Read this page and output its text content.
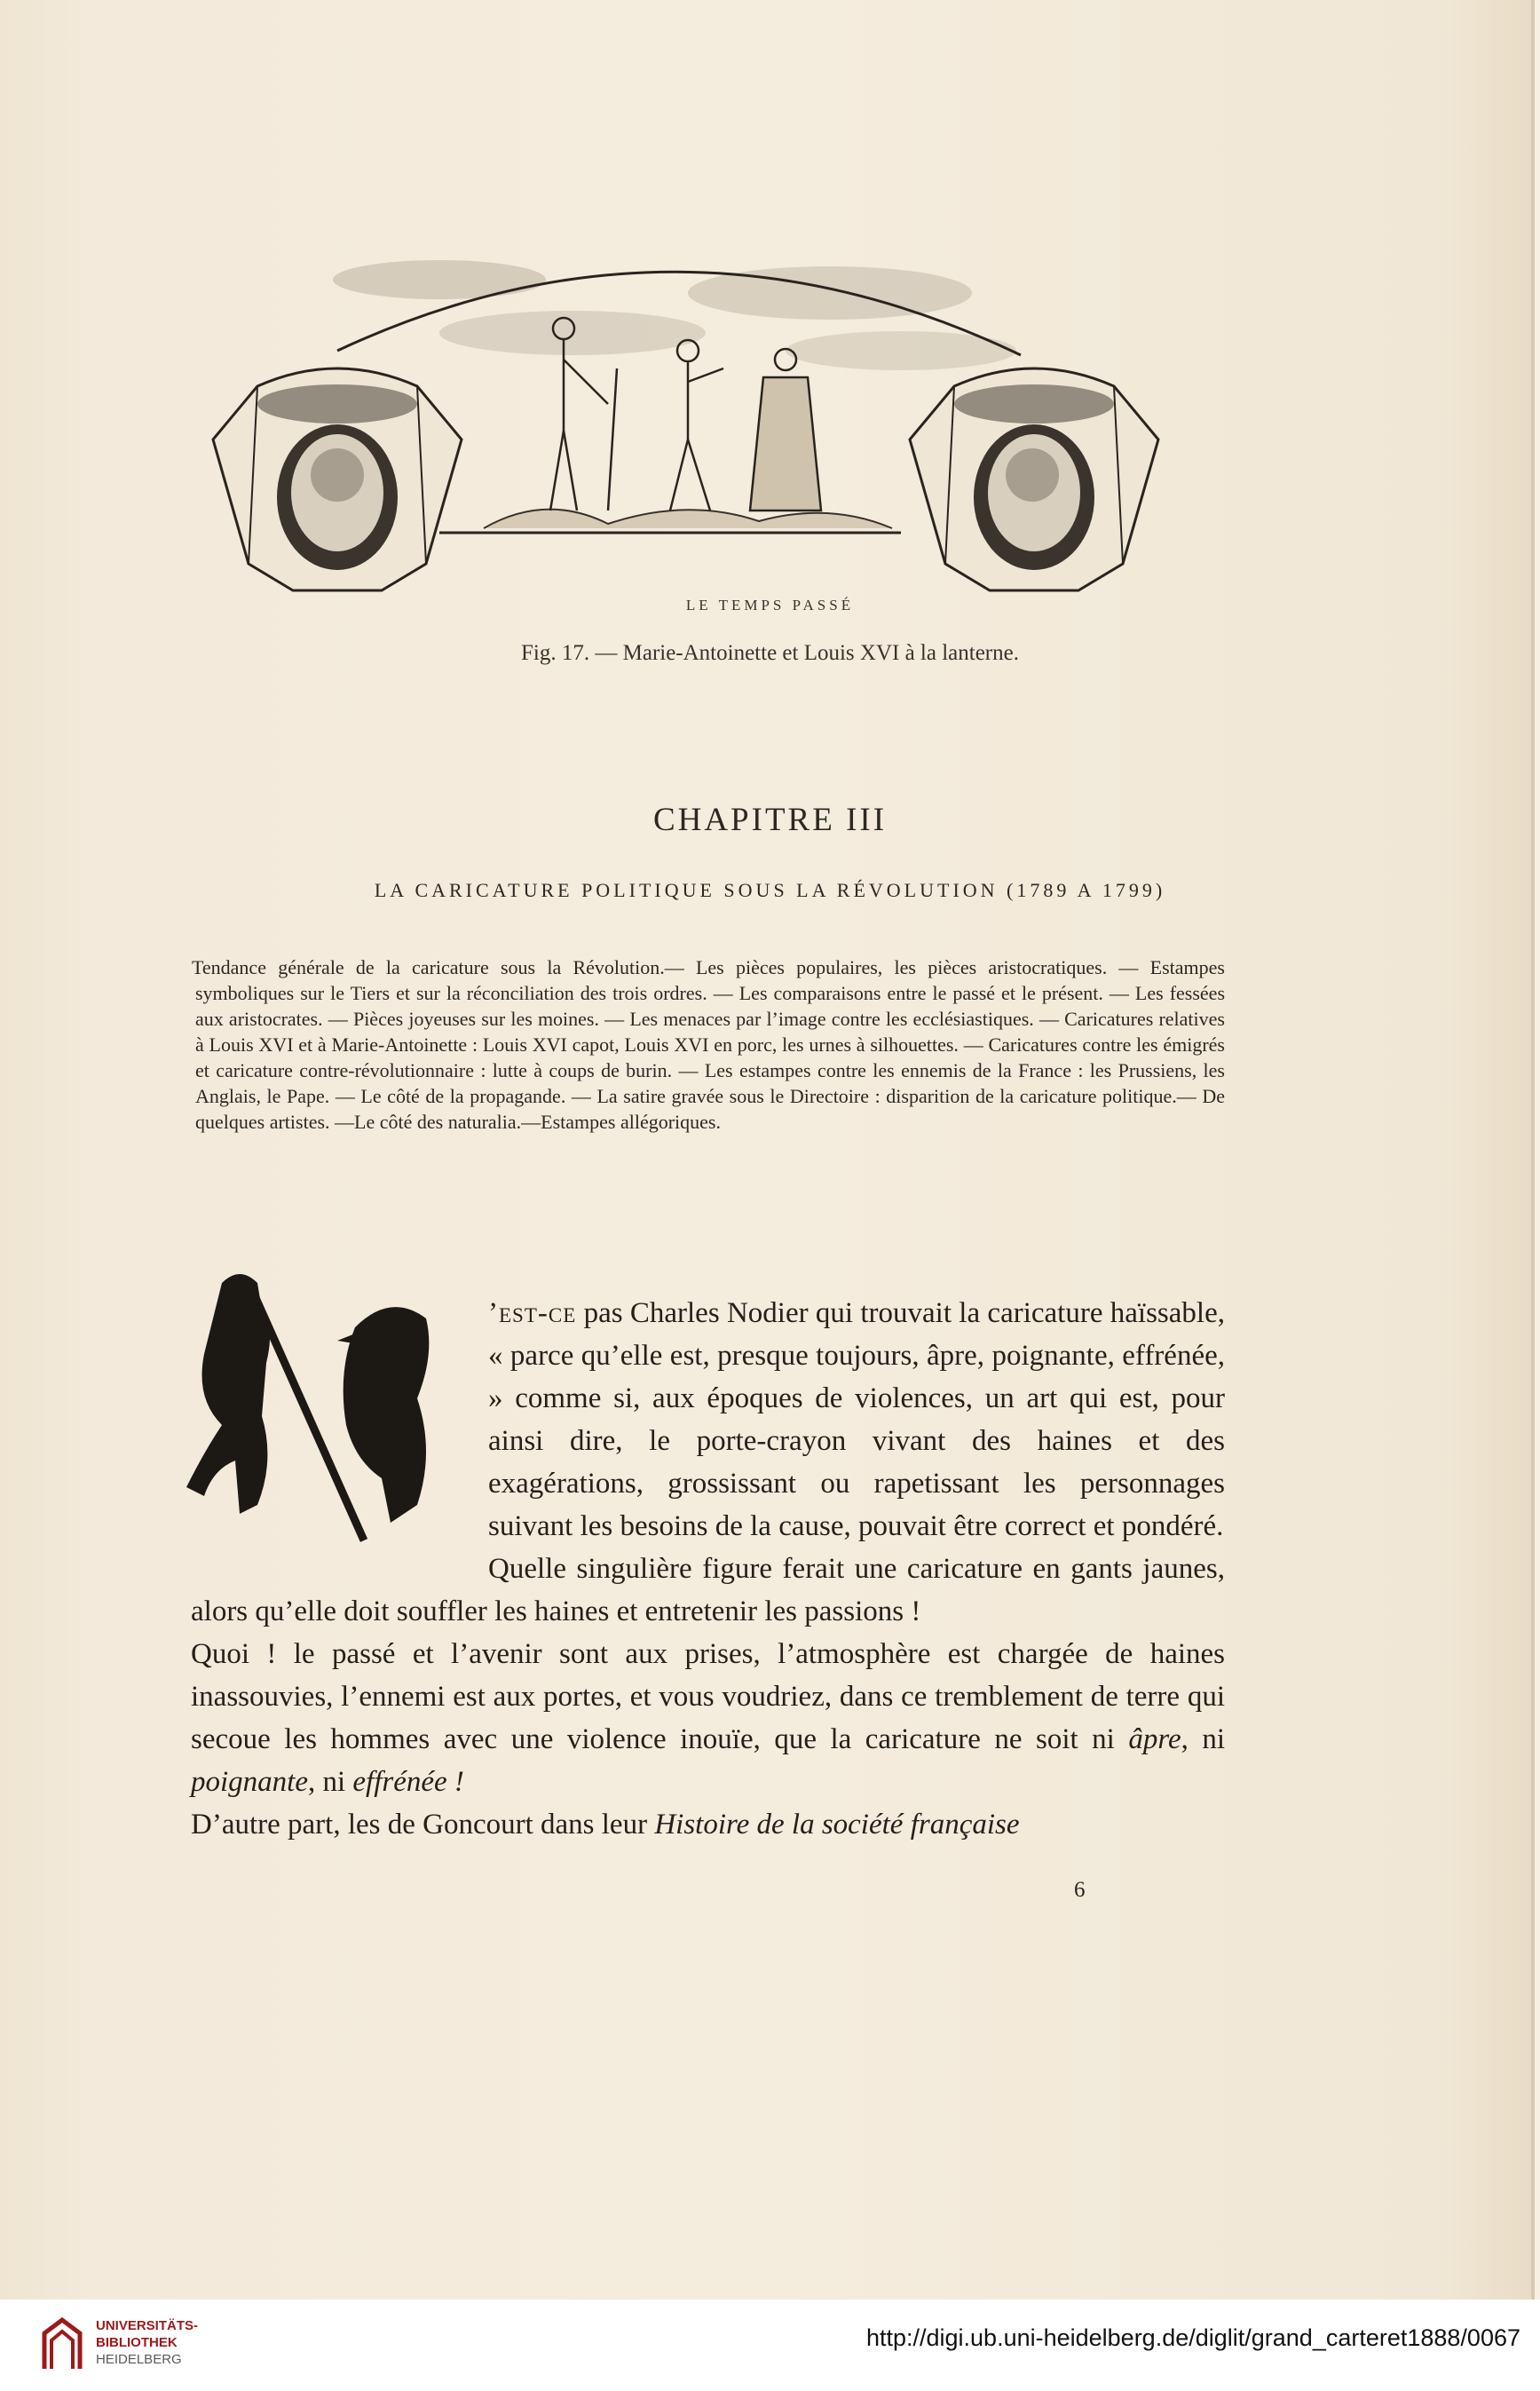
LE TEMPS PASSÉ
Fig. 17. — Marie-Antoinette et Louis XVI à la lanterne.
CHAPITRE III
LA CARICATURE POLITIQUE SOUS LA RÉVOLUTION (1789 A 1799)
Tendance générale de la caricature sous la Révolution.— Les pièces populaires, les pièces aristocratiques. — Estampes symboliques sur le Tiers et sur la réconciliation des trois ordres. — Les comparaisons entre le passé et le présent. — Les fessées aux aristocrates. — Pièces joyeuses sur les moines. — Les menaces par l’image contre les ecclésiastiques. — Caricatures relatives à Louis XVI et à Marie-Antoinette : Louis XVI capot, Louis XVI en porc, les urnes à silhouettes. — Caricatures contre les émigrés et caricature contre-révolutionnaire : lutte à coups de burin. — Les estampes contre les ennemis de la France : les Prussiens, les Anglais, le Pape. — Le côté de la propagande. — La satire gravée sous le Directoire : disparition de la caricature politique.— De quelques artistes. —Le côté des naturalia.—Estampes allégoriques.

’est-ce pas Charles Nodier qui trouvait la caricature haïssable, « parce qu’elle est, presque toujours, âpre, poignante, effrénée, » comme si, aux époques de violences, un art qui est, pour ainsi dire, le porte-crayon vivant des haines et des exagérations, grossissant ou rapetissant les personnages suivant les besoins de la cause, pouvait être correct et pondéré.

Quelle singulière figure ferait une caricature en gants jaunes, alors qu’elle doit souffler les haines et entretenir les passions !

Quoi ! le passé et l’avenir sont aux prises, l’atmosphère est chargée de haines inassouvies, l’ennemi est aux portes, et vous voudriez, dans ce tremblement de terre qui secoue les hommes avec une violence inouïe, que la caricature ne soit ni âpre, ni poignante, ni effrénée !

D’autre part, les de Goncourt dans leur Histoire de la société française

6
UNIVERSITÄTS-
BIBLIOTHEK
HEIDELBERG
http://digi.ub.uni-heidelberg.de/diglit/grand_carteret1888/0067
